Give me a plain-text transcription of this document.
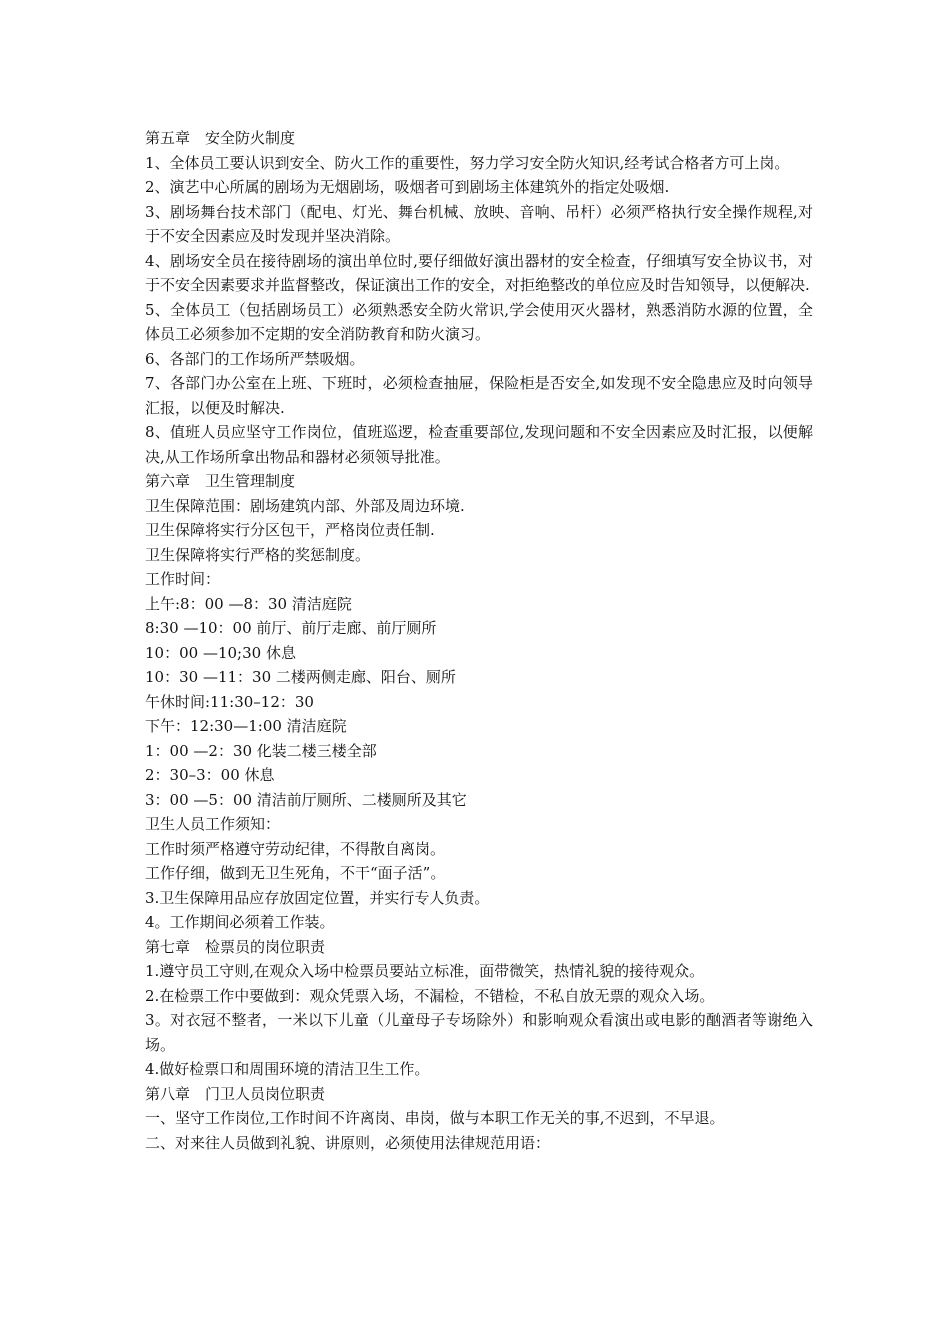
第五章　安全防火制度

1、全体员工要认识到安全、防火工作的重要性，努力学习安全防火知识,经考试合格者方可上岗。

2、演艺中心所属的剧场为无烟剧场，吸烟者可到剧场主体建筑外的指定处吸烟.

3、剧场舞台技术部门（配电、灯光、舞台机械、放映、音响、吊杆）必须严格执行安全操作规程,对于不安全因素应及时发现并坚决消除。

4、剧场安全员在接待剧场的演出单位时,要仔细做好演出器材的安全检查，仔细填写安全协议书，对于不安全因素要求并监督整改，保证演出工作的安全，对拒绝整改的单位应及时告知领导，以便解决.

5、全体员工（包括剧场员工）必须熟悉安全防火常识,学会使用灭火器材，熟悉消防水源的位置，全体员工必须参加不定期的安全消防教育和防火演习。

6、各部门的工作场所严禁吸烟。

7、各部门办公室在上班、下班时，必须检查抽屉，保险柜是否安全,如发现不安全隐患应及时向领导汇报，以便及时解决.

8、值班人员应坚守工作岗位，值班巡逻，检查重要部位,发现问题和不安全因素应及时汇报，以便解决,从工作场所拿出物品和器材必须领导批准。

第六章　卫生管理制度

卫生保障范围：剧场建筑内部、外部及周边环境.

卫生保障将实行分区包干，严格岗位责任制.

卫生保障将实行严格的奖惩制度。

工作时间：

上午:8：00 —8：30 清洁庭院

8:30 —10：00 前厅、前厅走廊、前厅厕所

10：00 —10;30 休息

10：30 —11：30 二楼两侧走廊、阳台、厕所

午休时间:11:30–12：30

下午：12:30—1:00 清洁庭院

1：00 —2：30 化装二楼三楼全部

2：30–3：00 休息

3：00 —5：00 清洁前厅厕所、二楼厕所及其它

卫生人员工作须知：

工作时须严格遵守劳动纪律，不得散自离岗。

工作仔细，做到无卫生死角，不干“面子活”。

3.卫生保障用品应存放固定位置，并实行专人负责。

4。工作期间必须着工作装。

第七章　检票员的岗位职责

1.遵守员工守则,在观众入场中检票员要站立标准，面带微笑，热情礼貌的接待观众。

2.在检票工作中要做到：观众凭票入场，不漏检，不错检，不私自放无票的观众入场。

3。对衣冠不整者，一米以下儿童（儿童母子专场除外）和影响观众看演出或电影的酗酒者等谢绝入场。

4.做好检票口和周围环境的清洁卫生工作。

第八章　门卫人员岗位职责

一、坚守工作岗位,工作时间不许离岗、串岗，做与本职工作无关的事,不迟到，不早退。

二、对来往人员做到礼貌、讲原则，必须使用法律规范用语：
